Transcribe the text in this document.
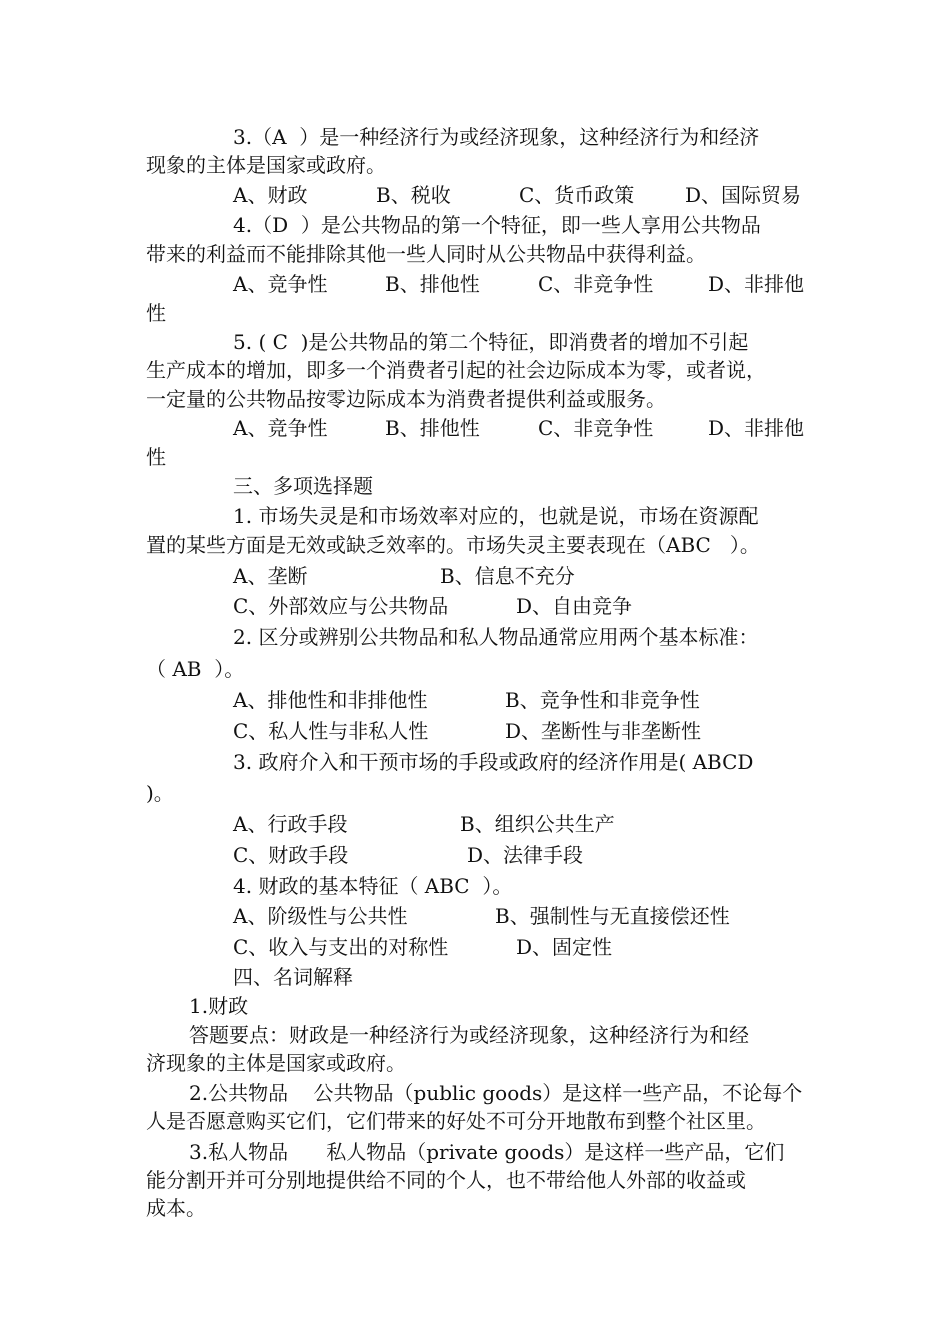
3.（A  ）是一种经济行为或经济现象，这种经济行为和经济
现象的主体是国家或政府。
A、财政	B、税收	C、货币政策	D、国际贸易
4.（D  ）是公共物品的第一个特征，即一些人享用公共物品
带来的利益而不能排除其他一些人同时从公共物品中获得利益。
A、竞争性	B、排他性	C、非竞争性	D、非排他
性
5. ( C  )是公共物品的第二个特征，即消费者的增加不引起
生产成本的增加，即多一个消费者引起的社会边际成本为零，或者说，
一定量的公共物品按零边际成本为消费者提供利益或服务。
A、竞争性	B、排他性	C、非竞争性	D、非排他
性
三、多项选择题
1. 市场失灵是和市场效率对应的，也就是说，市场在资源配
置的某些方面是无效或缺乏效率的。市场失灵主要表现在（ABC   ）。
A、垄断	B、信息不充分
C、外部效应与公共物品	D、自由竞争
2. 区分或辨别公共物品和私人物品通常应用两个基本标准：
（ AB  ）。
A、排他性和非排他性	B、竞争性和非竞争性
C、私人性与非私人性	D、垄断性与非垄断性
3. 政府介入和干预市场的手段或政府的经济作用是( ABCD
)。
A、行政手段	B、组织公共生产
C、财政手段	D、法律手段
4. 财政的基本特征（ ABC  ）。
A、阶级性与公共性	B、强制性与无直接偿还性
C、收入与支出的对称性	D、固定性
四、名词解释
1.财政
答题要点：财政是一种经济行为或经济现象，这种经济行为和经
济现象的主体是国家或政府。
2.公共物品    公共物品（public goods）是这样一些产品，不论每个
人是否愿意购买它们，它们带来的好处不可分开地散布到整个社区里。
3.私人物品      私人物品（private goods）是这样一些产品，它们
能分割开并可分别地提供给不同的个人，也不带给他人外部的收益或
成本。
